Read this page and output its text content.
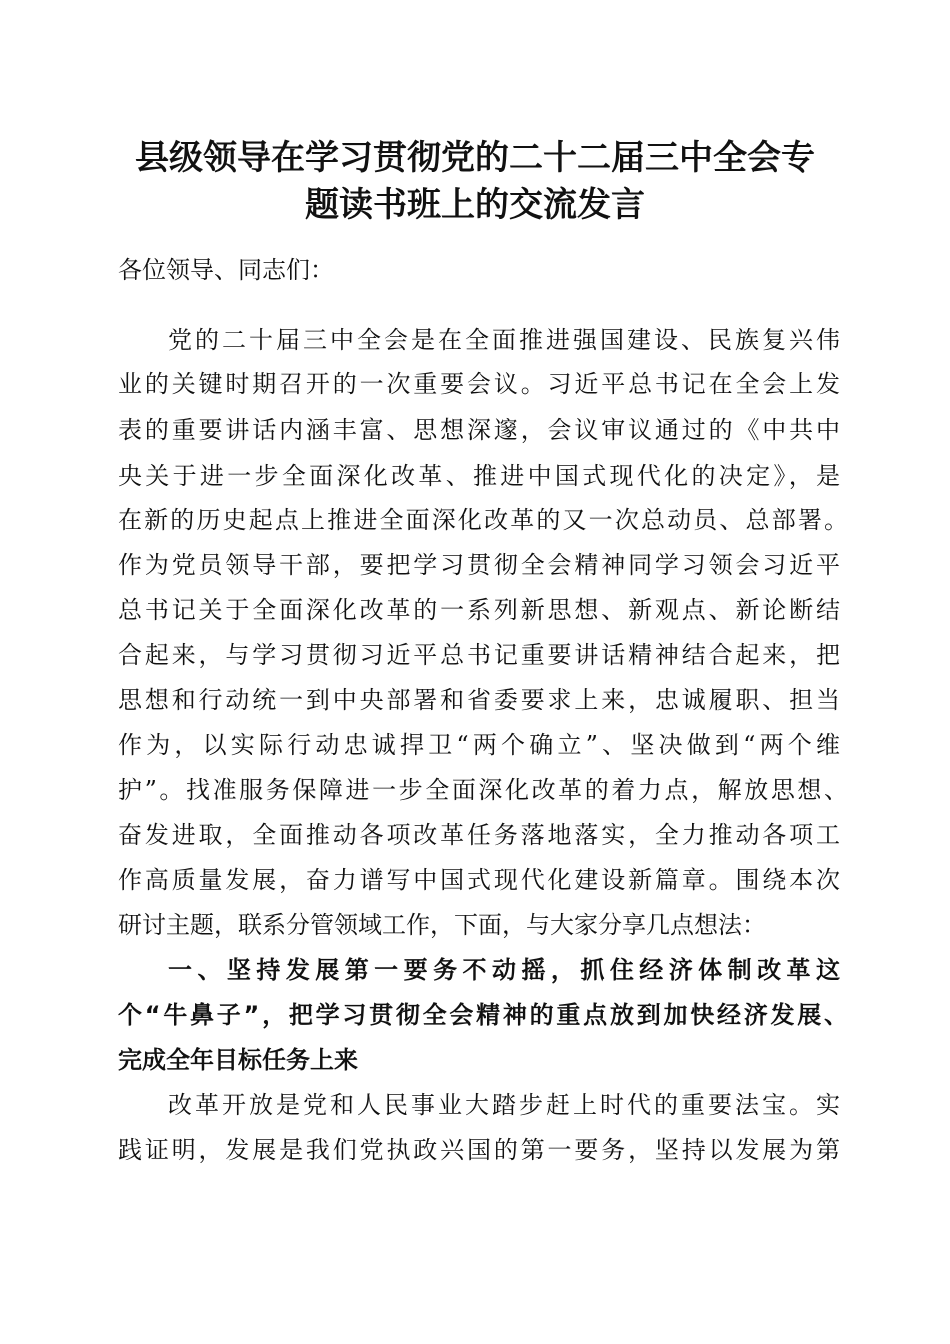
县级领导在学习贯彻党的二十二届三中全会专
题读书班上的交流发言
各位领导、同志们：
党的二十届三中全会是在全面推进强国建设、民族复兴伟
业的关键时期召开的一次重要会议。习近平总书记在全会上发
表的重要讲话内涵丰富、思想深邃，会议审议通过的《中共中
央关于进一步全面深化改革、推进中国式现代化的决定》，是
在新的历史起点上推进全面深化改革的又一次总动员、总部署。
作为党员领导干部，要把学习贯彻全会精神同学习领会习近平
总书记关于全面深化改革的一系列新思想、新观点、新论断结
合起来，与学习贯彻习近平总书记重要讲话精神结合起来，把
思想和行动统一到中央部署和省委要求上来，忠诚履职、担当
作为，以实际行动忠诚捍卫“两个确立”、坚决做到“两个维
护”。找准服务保障进一步全面深化改革的着力点，解放思想、
奋发进取，全面推动各项改革任务落地落实，全力推动各项工
作高质量发展，奋力谱写中国式现代化建设新篇章。围绕本次
研讨主题，联系分管领域工作，下面，与大家分享几点想法：
一、坚持发展第一要务不动摇，抓住经济体制改革这
个“牛鼻子”，把学习贯彻全会精神的重点放到加快经济发展、
完成全年目标任务上来
改革开放是党和人民事业大踏步赶上时代的重要法宝。实
践证明，发展是我们党执政兴国的第一要务，坚持以发展为第
